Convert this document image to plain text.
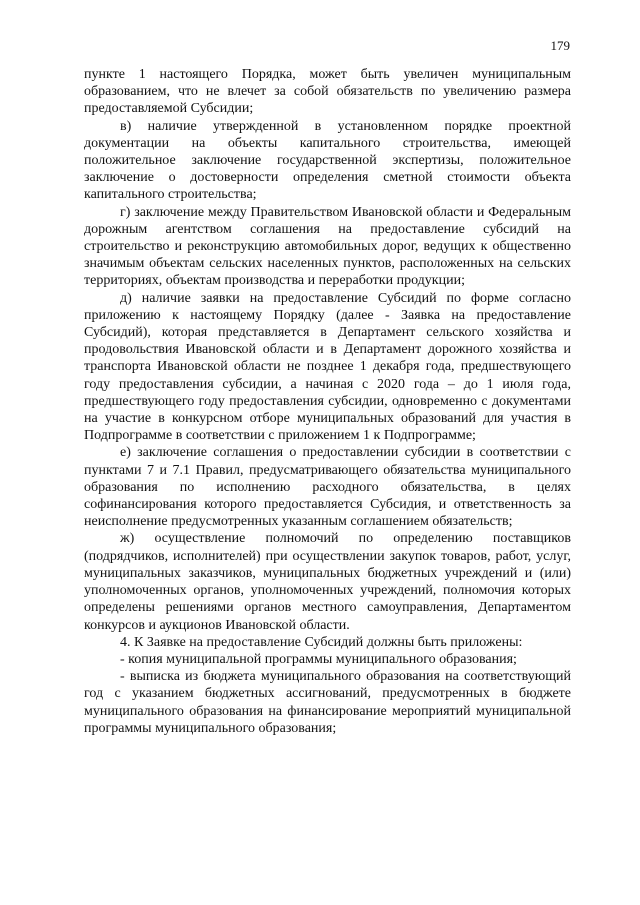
179

пункте 1 настоящего Порядка, может быть увеличен муниципальным образованием, что не влечет за собой обязательств по увеличению размера предоставляемой Субсидии;

в) наличие утвержденной в установленном порядке проектной документации на объекты капитального строительства, имеющей положительное заключение государственной экспертизы, положительное заключение о достоверности определения сметной стоимости объекта капитального строительства;

г) заключение между Правительством Ивановской области и Федеральным дорожным агентством соглашения на предоставление субсидий на строительство и реконструкцию автомобильных дорог, ведущих к общественно значимым объектам сельских населенных пунктов, расположенных на сельских территориях, объектам производства и переработки продукции;

д) наличие заявки на предоставление Субсидий по форме согласно приложению к настоящему Порядку (далее - Заявка на предоставление Субсидий), которая представляется в Департамент сельского хозяйства и продовольствия Ивановской области и в Департамент дорожного хозяйства и транспорта Ивановской области не позднее 1 декабря года, предшествующего году предоставления субсидии, а начиная с 2020 года – до 1 июля года, предшествующего году предоставления субсидии, одновременно с документами на участие в конкурсном отборе муниципальных образований для участия в Подпрограмме в соответствии с приложением 1 к Подпрограмме;

е) заключение соглашения о предоставлении субсидии в соответствии с пунктами 7 и 7.1 Правил, предусматривающего обязательства муниципального образования по исполнению расходного обязательства, в целях софинансирования которого предоставляется Субсидия, и ответственность за неисполнение предусмотренных указанным соглашением обязательств;

ж) осуществление полномочий по определению поставщиков (подрядчиков, исполнителей) при осуществлении закупок товаров, работ, услуг, муниципальных заказчиков, муниципальных бюджетных учреждений и (или) уполномоченных органов, уполномоченных учреждений, полномочия которых определены решениями органов местного самоуправления, Департаментом конкурсов и аукционов Ивановской области.

4. К Заявке на предоставление Субсидий должны быть приложены:

- копия муниципальной программы муниципального образования;

- выписка из бюджета муниципального образования на соответствующий год с указанием бюджетных ассигнований, предусмотренных в бюджете муниципального образования на финансирование мероприятий муниципальной программы муниципального образования;
